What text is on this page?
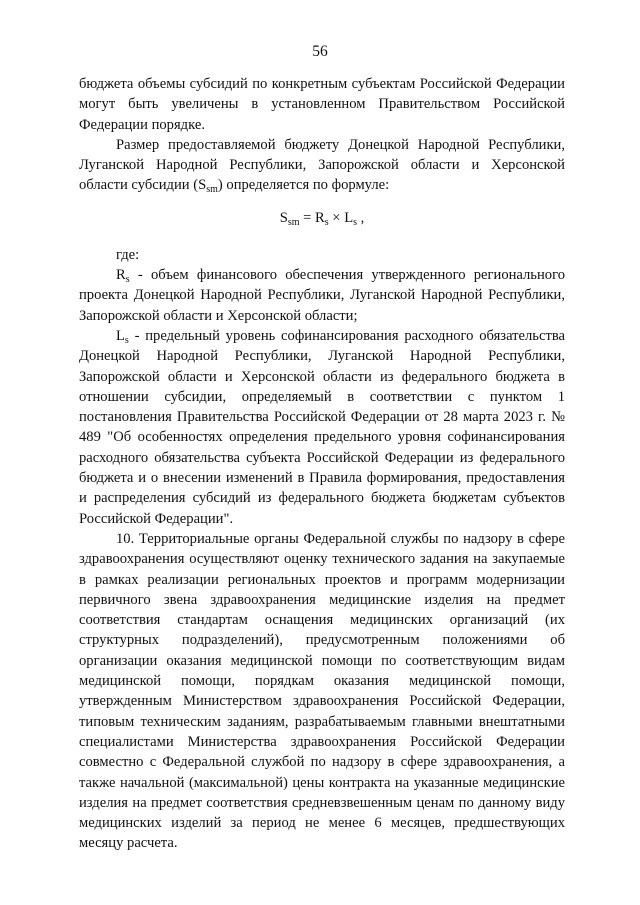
56

бюджета объемы субсидий по конкретным субъектам Российской Федерации могут быть увеличены в установленном Правительством Российской Федерации порядке.

Размер предоставляемой бюджету Донецкой Народной Республики, Луганской Народной Республики, Запорожской области и Херсонской области субсидии $(S_{sm})$ определяется по формуле:

$S_{sm} = R_s \times L_s$ ,

где:

$R_s$ - объем финансового обеспечения утвержденного регионального проекта Донецкой Народной Республики, Луганской Народной Республики, Запорожской области и Херсонской области;

$L_s$ - предельный уровень софинансирования расходного обязательства Донецкой Народной Республики, Луганской Народной Республики, Запорожской области и Херсонской области из федерального бюджета в отношении субсидии, определяемый в соответствии с пунктом 1 постановления Правительства Российской Федерации от 28 марта 2023 г. № 489 "Об особенностях определения предельного уровня софинансирования расходного обязательства субъекта Российской Федерации из федерального бюджета и о внесении изменений в Правила формирования, предоставления и распределения субсидий из федерального бюджета бюджетам субъектов Российской Федерации".

10. Территориальные органы Федеральной службы по надзору в сфере здравоохранения осуществляют оценку технического задания на закупаемые в рамках реализации региональных проектов и программ модернизации первичного звена здравоохранения медицинские изделия на предмет соответствия стандартам оснащения медицинских организаций (их структурных подразделений), предусмотренным положениями об организации оказания медицинской помощи по соответствующим видам медицинской помощи, порядкам оказания медицинской помощи, утвержденным Министерством здравоохранения Российской Федерации, типовым техническим заданиям, разрабатываемым главными внештатными специалистами Министерства здравоохранения Российской Федерации совместно с Федеральной службой по надзору в сфере здравоохранения, а также начальной (максимальной) цены контракта на указанные медицинские изделия на предмет соответствия средневзвешенным ценам по данному виду медицинских изделий за период не менее 6 месяцев, предшествующих месяцу расчета.
